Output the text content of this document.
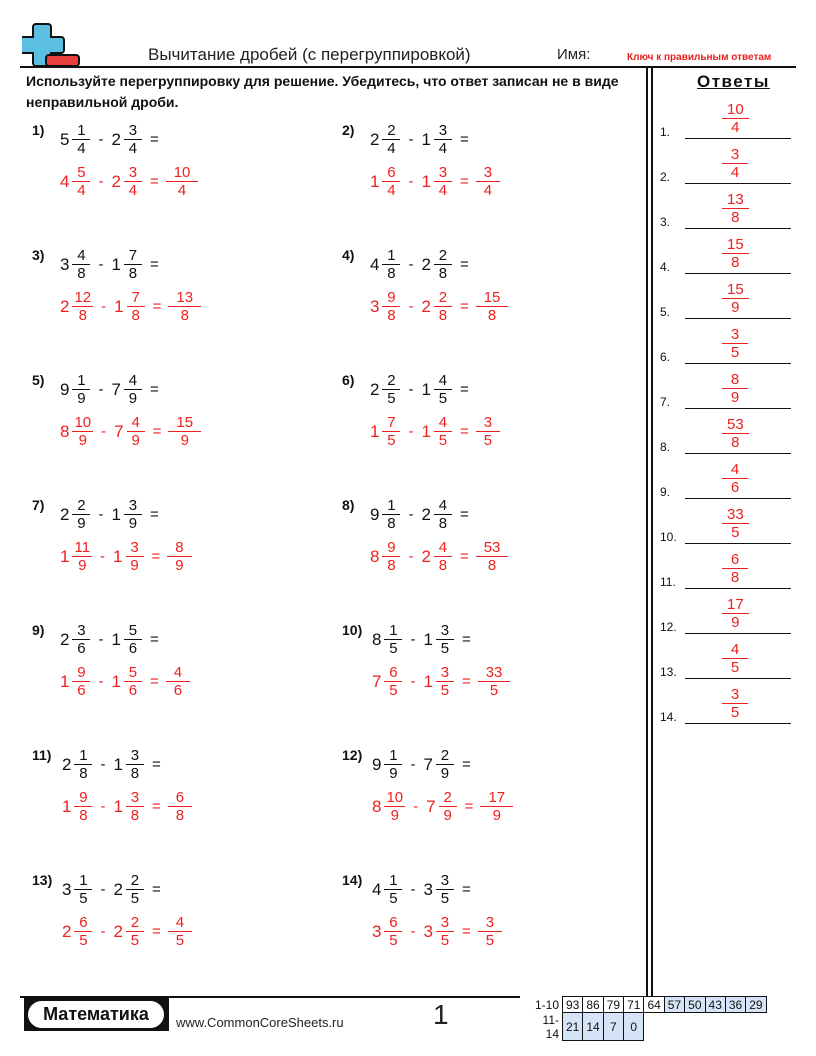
Вычитание дробей (с перегруппировкой)	Имя:	Ключ к правильным ответам
Используйте перегруппировку для решение. Убедитесь, что ответ записан не в виде неправильной дроби.
1) $5 \frac{1}{4} - 2 \frac{3}{4}$ =
$4 \frac{5}{4} - 2 \frac{3}{4} = \frac{10}{4}$
2) $2 \frac{2}{4} - 1 \frac{3}{4}$ =
$1 \frac{6}{4} - 1 \frac{3}{4} = \frac{3}{4}$
3) $3 \frac{4}{8} - 1 \frac{7}{8}$ =
$2 \frac{12}{8} - 1 \frac{7}{8} = \frac{13}{8}$
4) $4 \frac{1}{8} - 2 \frac{2}{8}$ =
$3 \frac{9}{8} - 2 \frac{2}{8} = \frac{15}{8}$
5) $9 \frac{1}{9} - 7 \frac{4}{9}$ =
$8 \frac{10}{9} - 7 \frac{4}{9} = \frac{15}{9}$
6) $2 \frac{2}{5} - 1 \frac{4}{5}$ =
$1 \frac{7}{5} - 1 \frac{4}{5} = \frac{3}{5}$
7) $2 \frac{2}{9} - 1 \frac{3}{9}$ =
$1 \frac{11}{9} - 1 \frac{3}{9} = \frac{8}{9}$
8) $9 \frac{1}{8} - 2 \frac{4}{8}$ =
$8 \frac{9}{8} - 2 \frac{4}{8} = \frac{53}{8}$
9) $2 \frac{3}{6} - 1 \frac{5}{6}$ =
$1 \frac{9}{6} - 1 \frac{5}{6} = \frac{4}{6}$
10) $8 \frac{1}{5} - 1 \frac{3}{5}$ =
$7 \frac{6}{5} - 1 \frac{3}{5} = \frac{33}{5}$
11) $2 \frac{1}{8} - 1 \frac{3}{8}$ =
$1 \frac{9}{8} - 1 \frac{3}{8} = \frac{6}{8}$
12) $9 \frac{1}{9} - 7 \frac{2}{9}$ =
$8 \frac{10}{9} - 7 \frac{2}{9} = \frac{17}{9}$
13) $3 \frac{1}{5} - 2 \frac{2}{5}$ =
$2 \frac{6}{5} - 2 \frac{2}{5} = \frac{4}{5}$
14) $4 \frac{1}{5} - 3 \frac{3}{5}$ =
$3 \frac{6}{5} - 3 \frac{3}{5} = \frac{3}{5}$
Ответы
1.	$\frac{10}{4}$
2.	$\frac{3}{4}$
3.	$\frac{13}{8}$
4.	$\frac{15}{8}$
5.	$\frac{15}{9}$
6.	$\frac{3}{5}$
7.	$\frac{8}{9}$
8.	$\frac{53}{8}$
9.	$\frac{4}{6}$
10.	$\frac{33}{5}$
11.	$\frac{6}{8}$
12.	$\frac{17}{9}$
13.	$\frac{4}{5}$
14.	$\frac{3}{5}$
Математика	www.CommonCoreSheets.ru	1	1-10	93	86	79	71	64	57	50	43	36	29
11-14	21	14	7	0						
